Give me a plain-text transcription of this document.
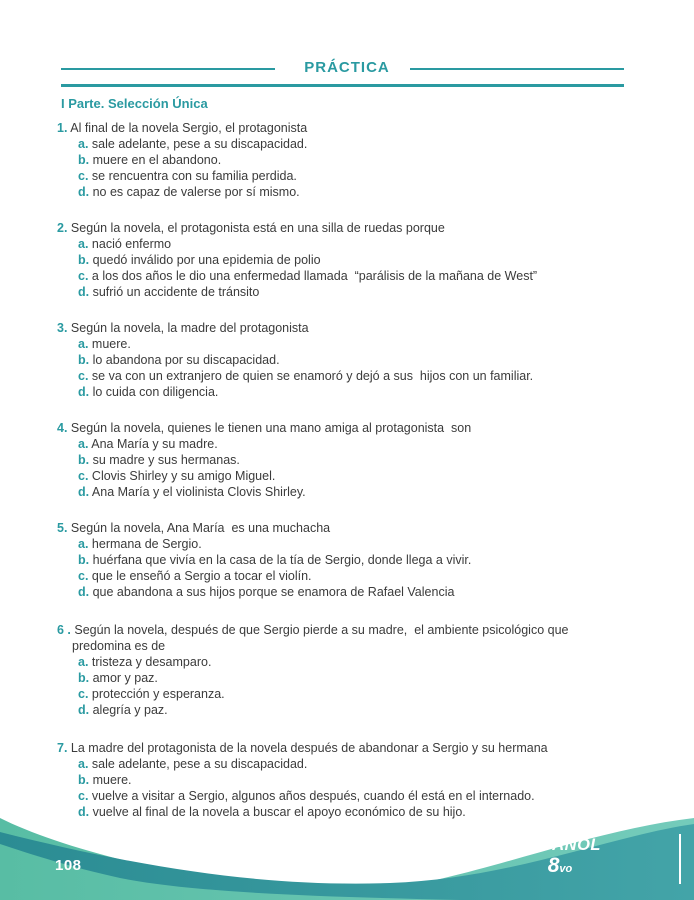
PRÁCTICA
I Parte. Selección Única
1. Al final de la novela Sergio, el protagonista
a. sale adelante, pese a su discapacidad.
b. muere en el abandono.
c. se rencuentra con su familia perdida.
d. no es capaz de valerse por sí mismo.
2. Según la novela, el protagonista está en una silla de ruedas porque
a. nació enfermo
b. quedó inválido por una epidemia de polio
c. a los dos años le dio una enfermedad llamada  “parálisis de la mañana de West”
d. sufrió un accidente de tránsito
3. Según la novela, la madre del protagonista
a. muere.
b. lo abandona por su discapacidad.
c. se va con un extranjero de quien se enamoró y dejó a sus  hijos con un familiar.
d. lo cuida con diligencia.
4. Según la novela, quienes le tienen una mano amiga al protagonista  son
a. Ana María y su madre.
b. su madre y sus hermanas.
c. Clovis Shirley y su amigo Miguel.
d. Ana María y el violinista Clovis Shirley.
5. Según la novela, Ana María  es una muchacha
a. hermana de Sergio.
b. huérfana que vivía en la casa de la tía de Sergio, donde llega a vivir.
c. que le enseñó a Sergio a tocar el violín.
d. que abandona a sus hijos porque se enamora de Rafael Valencia
6 . Según la novela, después de que Sergio pierde a su madre,  el ambiente psicológico que predomina es de
a. tristeza y desamparo.
b. amor y paz.
c. protección y esperanza.
d. alegría y paz.
7. La madre del protagonista de la novela después de abandonar a Sergio y su hermana
a. sale adelante, pese a su discapacidad.
b. muere.
c. vuelve a visitar a Sergio, algunos años después, cuando él está en el internado.
d. vuelve al final de la novela a buscar el apoyo económico de su hijo.
108
ESPAÑOL
8vo
